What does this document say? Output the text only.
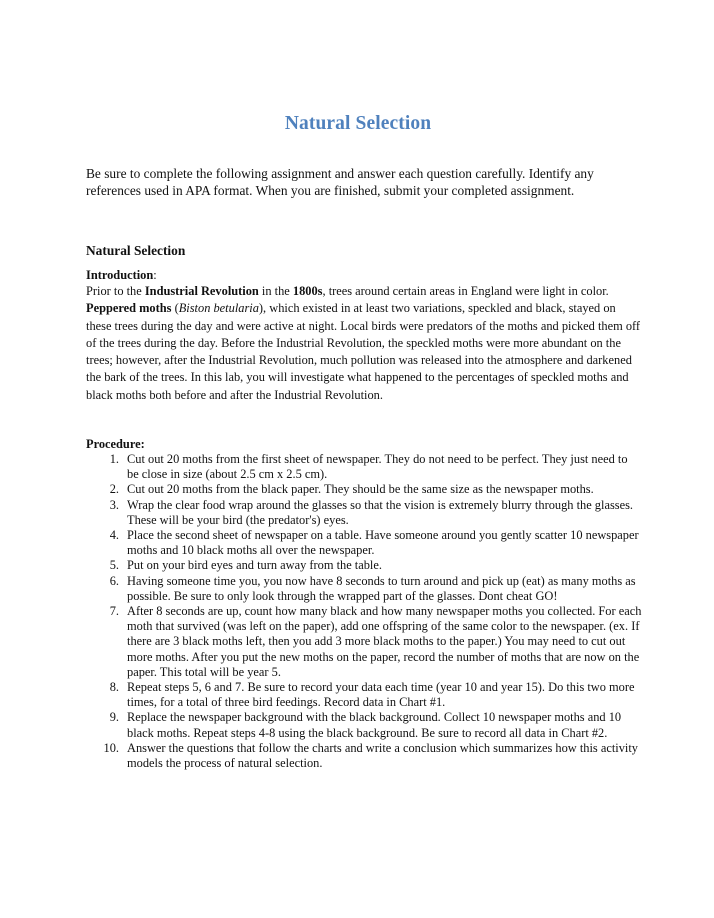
Natural Selection
Be sure to complete the following assignment and answer each question carefully. Identify any references used in APA format. When you are finished, submit your completed assignment.
Natural Selection
Introduction:
Prior to the Industrial Revolution in the 1800s, trees around certain areas in England were light in color. Peppered moths (Biston betularia), which existed in at least two variations, speckled and black, stayed on these trees during the day and were active at night. Local birds were predators of the moths and picked them off of the trees during the day. Before the Industrial Revolution, the speckled moths were more abundant on the trees; however, after the Industrial Revolution, much pollution was released into the atmosphere and darkened the bark of the trees. In this lab, you will investigate what happened to the percentages of speckled moths and black moths both before and after the Industrial Revolution.
Procedure:
1. Cut out 20 moths from the first sheet of newspaper. They do not need to be perfect. They just need to be close in size (about 2.5 cm x 2.5 cm).
2. Cut out 20 moths from the black paper. They should be the same size as the newspaper moths.
3. Wrap the clear food wrap around the glasses so that the vision is extremely blurry through the glasses. These will be your bird (the predator's) eyes.
4. Place the second sheet of newspaper on a table. Have someone around you gently scatter 10 newspaper moths and 10 black moths all over the newspaper.
5. Put on your bird eyes and turn away from the table.
6. Having someone time you, you now have 8 seconds to turn around and pick up (eat) as many moths as possible. Be sure to only look through the wrapped part of the glasses. Dont cheat GO!
7. After 8 seconds are up, count how many black and how many newspaper moths you collected. For each moth that survived (was left on the paper), add one offspring of the same color to the newspaper. (ex. If there are 3 black moths left, then you add 3 more black moths to the paper.) You may need to cut out more moths. After you put the new moths on the paper, record the number of moths that are now on the paper. This total will be year 5.
8. Repeat steps 5, 6 and 7. Be sure to record your data each time (year 10 and year 15). Do this two more times, for a total of three bird feedings. Record data in Chart #1.
9. Replace the newspaper background with the black background. Collect 10 newspaper moths and 10 black moths. Repeat steps 4-8 using the black background. Be sure to record all data in Chart #2.
10. Answer the questions that follow the charts and write a conclusion which summarizes how this activity models the process of natural selection.
